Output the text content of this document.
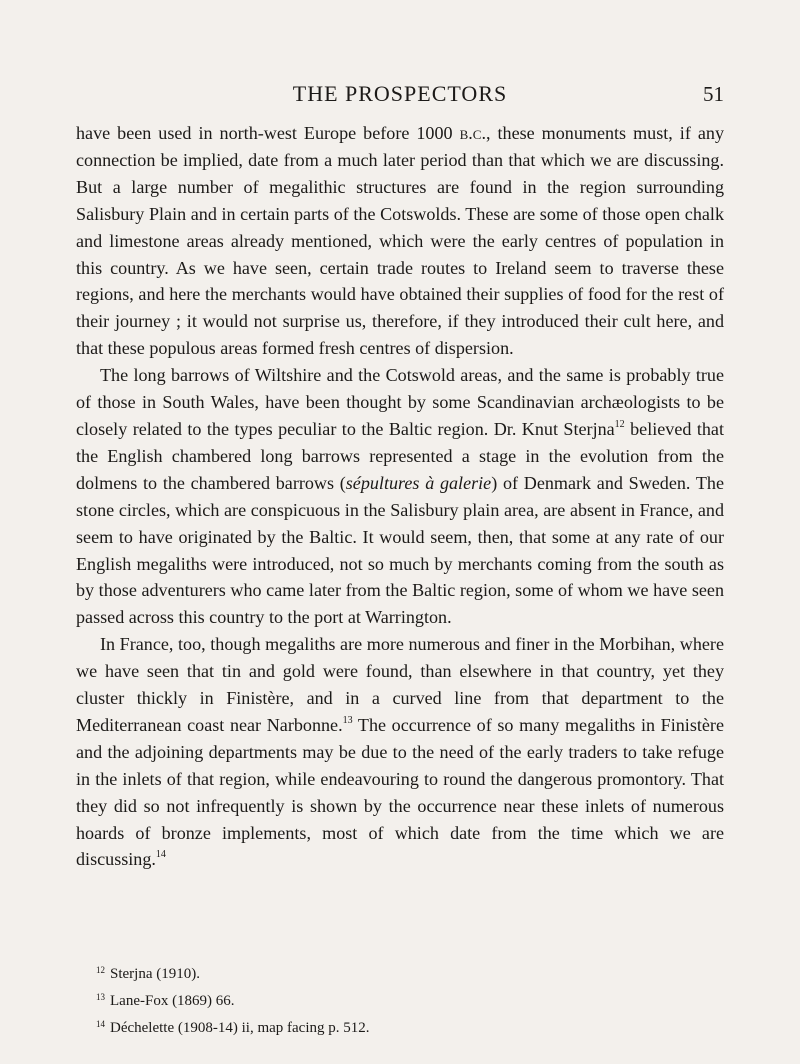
THE PROSPECTORS	51

have been used in north-west Europe before 1000 b.c., these monuments must, if any connection be implied, date from a much later period than that which we are discussing. But a large number of megalithic structures are found in the region surrounding Salisbury Plain and in certain parts of the Cotswolds. These are some of those open chalk and limestone areas already mentioned, which were the early centres of population in this country. As we have seen, certain trade routes to Ireland seem to traverse these regions, and here the merchants would have obtained their supplies of food for the rest of their journey ; it would not surprise us, therefore, if they introduced their cult here, and that these populous areas formed fresh centres of dispersion.

The long barrows of Wiltshire and the Cotswold areas, and the same is probably true of those in South Wales, have been thought by some Scandinavian archæologists to be closely related to the types peculiar to the Baltic region. Dr. Knut Sterjna$^{12}$ believed that the English chambered long barrows represented a stage in the evolution from the dolmens to the chambered barrows (sépultures à galerie) of Denmark and Sweden. The stone circles, which are conspicuous in the Salisbury plain area, are absent in France, and seem to have originated by the Baltic. It would seem, then, that some at any rate of our English megaliths were introduced, not so much by merchants coming from the south as by those adventurers who came later from the Baltic region, some of whom we have seen passed across this country to the port at Warrington.

In France, too, though megaliths are more numerous and finer in the Morbihan, where we have seen that tin and gold were found, than elsewhere in that country, yet they cluster thickly in Finistère, and in a curved line from that department to the Mediterranean coast near Narbonne.$^{13}$ The occurrence of so many megaliths in Finistère and the adjoining departments may be due to the need of the early traders to take refuge in the inlets of that region, while endeavouring to round the dangerous promontory. That they did so not infrequently is shown by the occurrence near these inlets of numerous hoards of bronze implements, most of which date from the time which we are discussing.$^{14}$

$^{12}$ Sterjna (1910).
$^{13}$ Lane-Fox (1869) 66.
$^{14}$ Déchelette (1908-14) ii, map facing p. 512.
